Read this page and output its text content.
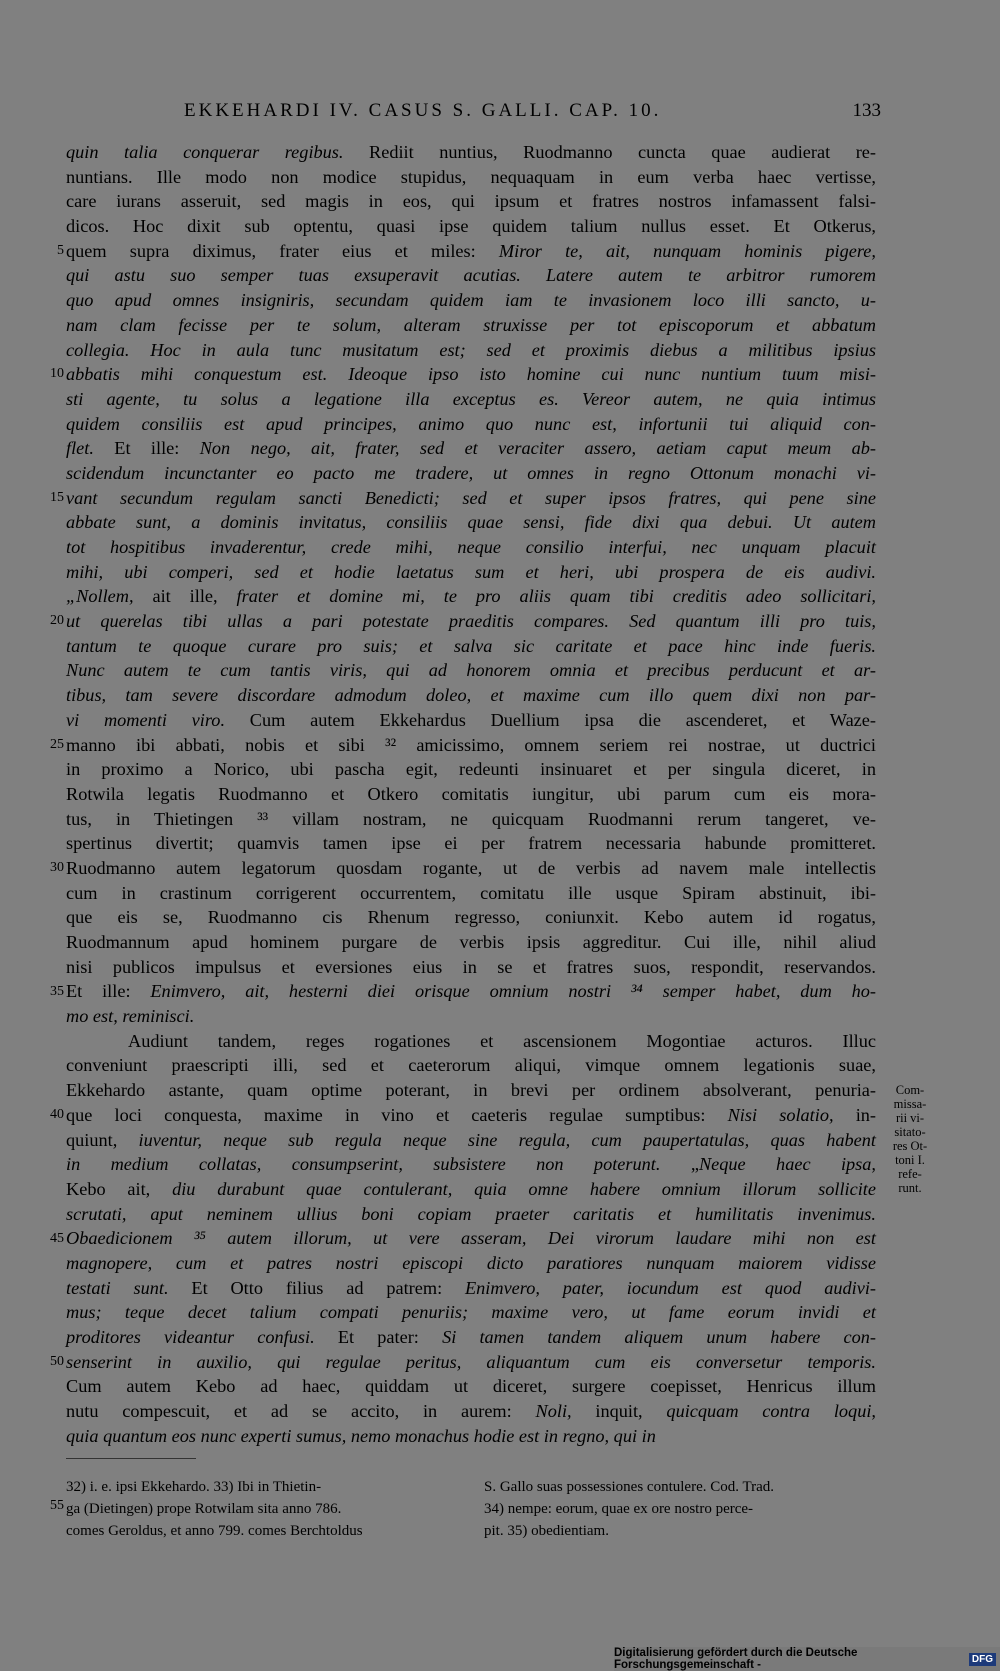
EKKEHARDI IV. CASUS S. GALLI. CAP. 10.	133
quin talia conquerar regibus. Rediit nuntius, Ruodmanno cuncta quae audierat re-
nuntians. Ille modo non modice stupidus, nequaquam in eum verba haec vertisse,
care iurans asseruit, sed magis in eos, qui ipsum et fratres nostros infamassent falsi-
dicos. Hoc dixit sub optentu, quasi ipse quidem talium nullus esset. Et Otkerus,
quem supra diximus, frater eius et miles: Miror te, ait, nunquam hominis pigere,
qui astu suo semper tuas exsuperavit acutias. Latere autem te arbitror rumorem
quo apud omnes insigniris, secundam quidem iam te invasionem loco illi sancto, u-
nam clam fecisse per te solum, alteram struxisse per tot episcoporum et abbatum
collegia. Hoc in aula tunc musitatum est; sed et proximis diebus a militibus ipsius
abbatis mihi conquestum est. Ideoque ipso isto homine cui nunc nuntium tuum misi-
sti agente, tu solus a legatione illa exceptus es. Vereor autem, ne quia intimus
quidem consiliis est apud principes, animo quo nunc est, infortunii tui aliquid con-
flet. Et ille: Non nego, ait, frater, sed et veraciter assero, aetiam caput meum ab-
scidendum incunctanter eo pacto me tradere, ut omnes in regno Ottonum monachi vi-
vant secundum regulam sancti Benedicti; sed et super ipsos fratres, qui pene sine
abbate sunt, a dominis invitatus, consiliis quae sensi, fide dixi qua debui. Ut autem
tot hospitibus invaderentur, crede mihi, neque consilio interfui, nec unquam placuit
mihi, ubi comperi, sed et hodie laetatus sum et heri, ubi prospera de eis audivi.
„Nollem, ait ille, frater et domine mi, te pro aliis quam tibi creditis adeo sollicitari,
ut querelas tibi ullas a pari potestate praeditis compares. Sed quantum illi pro tuis,
tantum te quoque curare pro suis; et salva sic caritate et pace hinc inde fueris.
Nunc autem te cum tantis viris, qui ad honorem omnia et precibus perducunt et ar-
tibus, tam severe discordare admodum doleo, et maxime cum illo quem dixi non par-
vi momenti viro. Cum autem Ekkehardus Duellium ipsa die ascenderet, et Waze-
manno ibi abbati, nobis et sibi ³² amicissimo, omnem seriem rei nostrae, ut ductrici
in proximo a Norico, ubi pascha egit, redeunti insinuaret et per singula diceret, in
Rotwila legatis Ruodmanno et Otkero comitatis iungitur, ubi parum cum eis mora-
tus, in Thietingen ³³ villam nostram, ne quicquam Ruodmanni rerum tangeret, ve-
spertinus divertit; quamvis tamen ipse ei per fratrem necessaria habunde promitteret.
Ruodmanno autem legatorum quosdam rogante, ut de verbis ad navem male intellectis
cum in crastinum corrigerent occurrentem, comitatu ille usque Spiram abstinuit, ibi-
que eis se, Ruodmanno cis Rhenum regresso, coniunxit. Kebo autem id rogatus,
Ruodmannum apud hominem purgare de verbis ipsis aggreditur. Cui ille, nihil aliud
nisi publicos impulsus et eversiones eius in se et fratres suos, respondit, reservandos.
Et ille: Enimvero, ait, hesterni diei orisque omnium nostri ³⁴ semper habet, dum ho-
mo est, reminisci.
Audiunt tandem, reges rogationes et ascensionem Mogontiae acturos. Illuc
conveniunt praescripti illi, sed et caeterorum aliqui, vimque omnem legationis suae,
Ekkehardo astante, quam optime poterant, in brevi per ordinem absolverant, penuria-
que loci conquesta, maxime in vino et caeteris regulae sumptibus: Nisi solatio, in-
quiunt, iuventur, neque sub regula neque sine regula, cum paupertatulas, quas habent
in medium collatas, consumpserint, subsistere non poterunt. „Neque haec ipsa,
Kebo ait, diu durabunt quae contulerant, quia omne habere omnium illorum sollicite
scrutati, aput neminem ullius boni copiam praeter caritatis et humilitatis invenimus.
Obaedicionem ³⁵ autem illorum, ut vere asseram, Dei virorum laudare mihi non est
magnopere, cum et patres nostri episcopi dicto paratiores nunquam maiorem vidisse
testati sunt. Et Otto filius ad patrem: Enimvero, pater, iocundum est quod audivi-
mus; teque decet talium compati penuriis; maxime vero, ut fame eorum invidi et
proditores videantur confusi. Et pater: Si tamen tandem aliquem unum habere con-
senserint in auxilio, qui regulae peritus, aliquantum cum eis conversetur temporis.
Cum autem Kebo ad haec, quiddam ut diceret, surgere coepisset, Henricus illum
nutu compescuit, et ad se accito, in aurem: Noli, inquit, quicquam contra loqui,
quia quantum eos nunc experti sumus, nemo monachus hodie est in regno, qui in
5
10
15
20
25
30
35
40
45
50
55
Com-
missa-
rii vi-
sitato-
res Ot-
toni I.
refe-
runt.
32) i. e. ipsi Ekkehardo. 33) Ibi in Thietin-
ga (Dietingen) prope Rotwilam sita anno 786.
comes Geroldus, et anno 799. comes Berchtoldus
S. Gallo suas possessiones contulere. Cod. Trad.
34) nempe: eorum, quae ex ore nostro perce-
pit. 35) obedientiam.
Digitalisierung gefördert durch die Deutsche Forschungsgemeinschaft -	DFG
